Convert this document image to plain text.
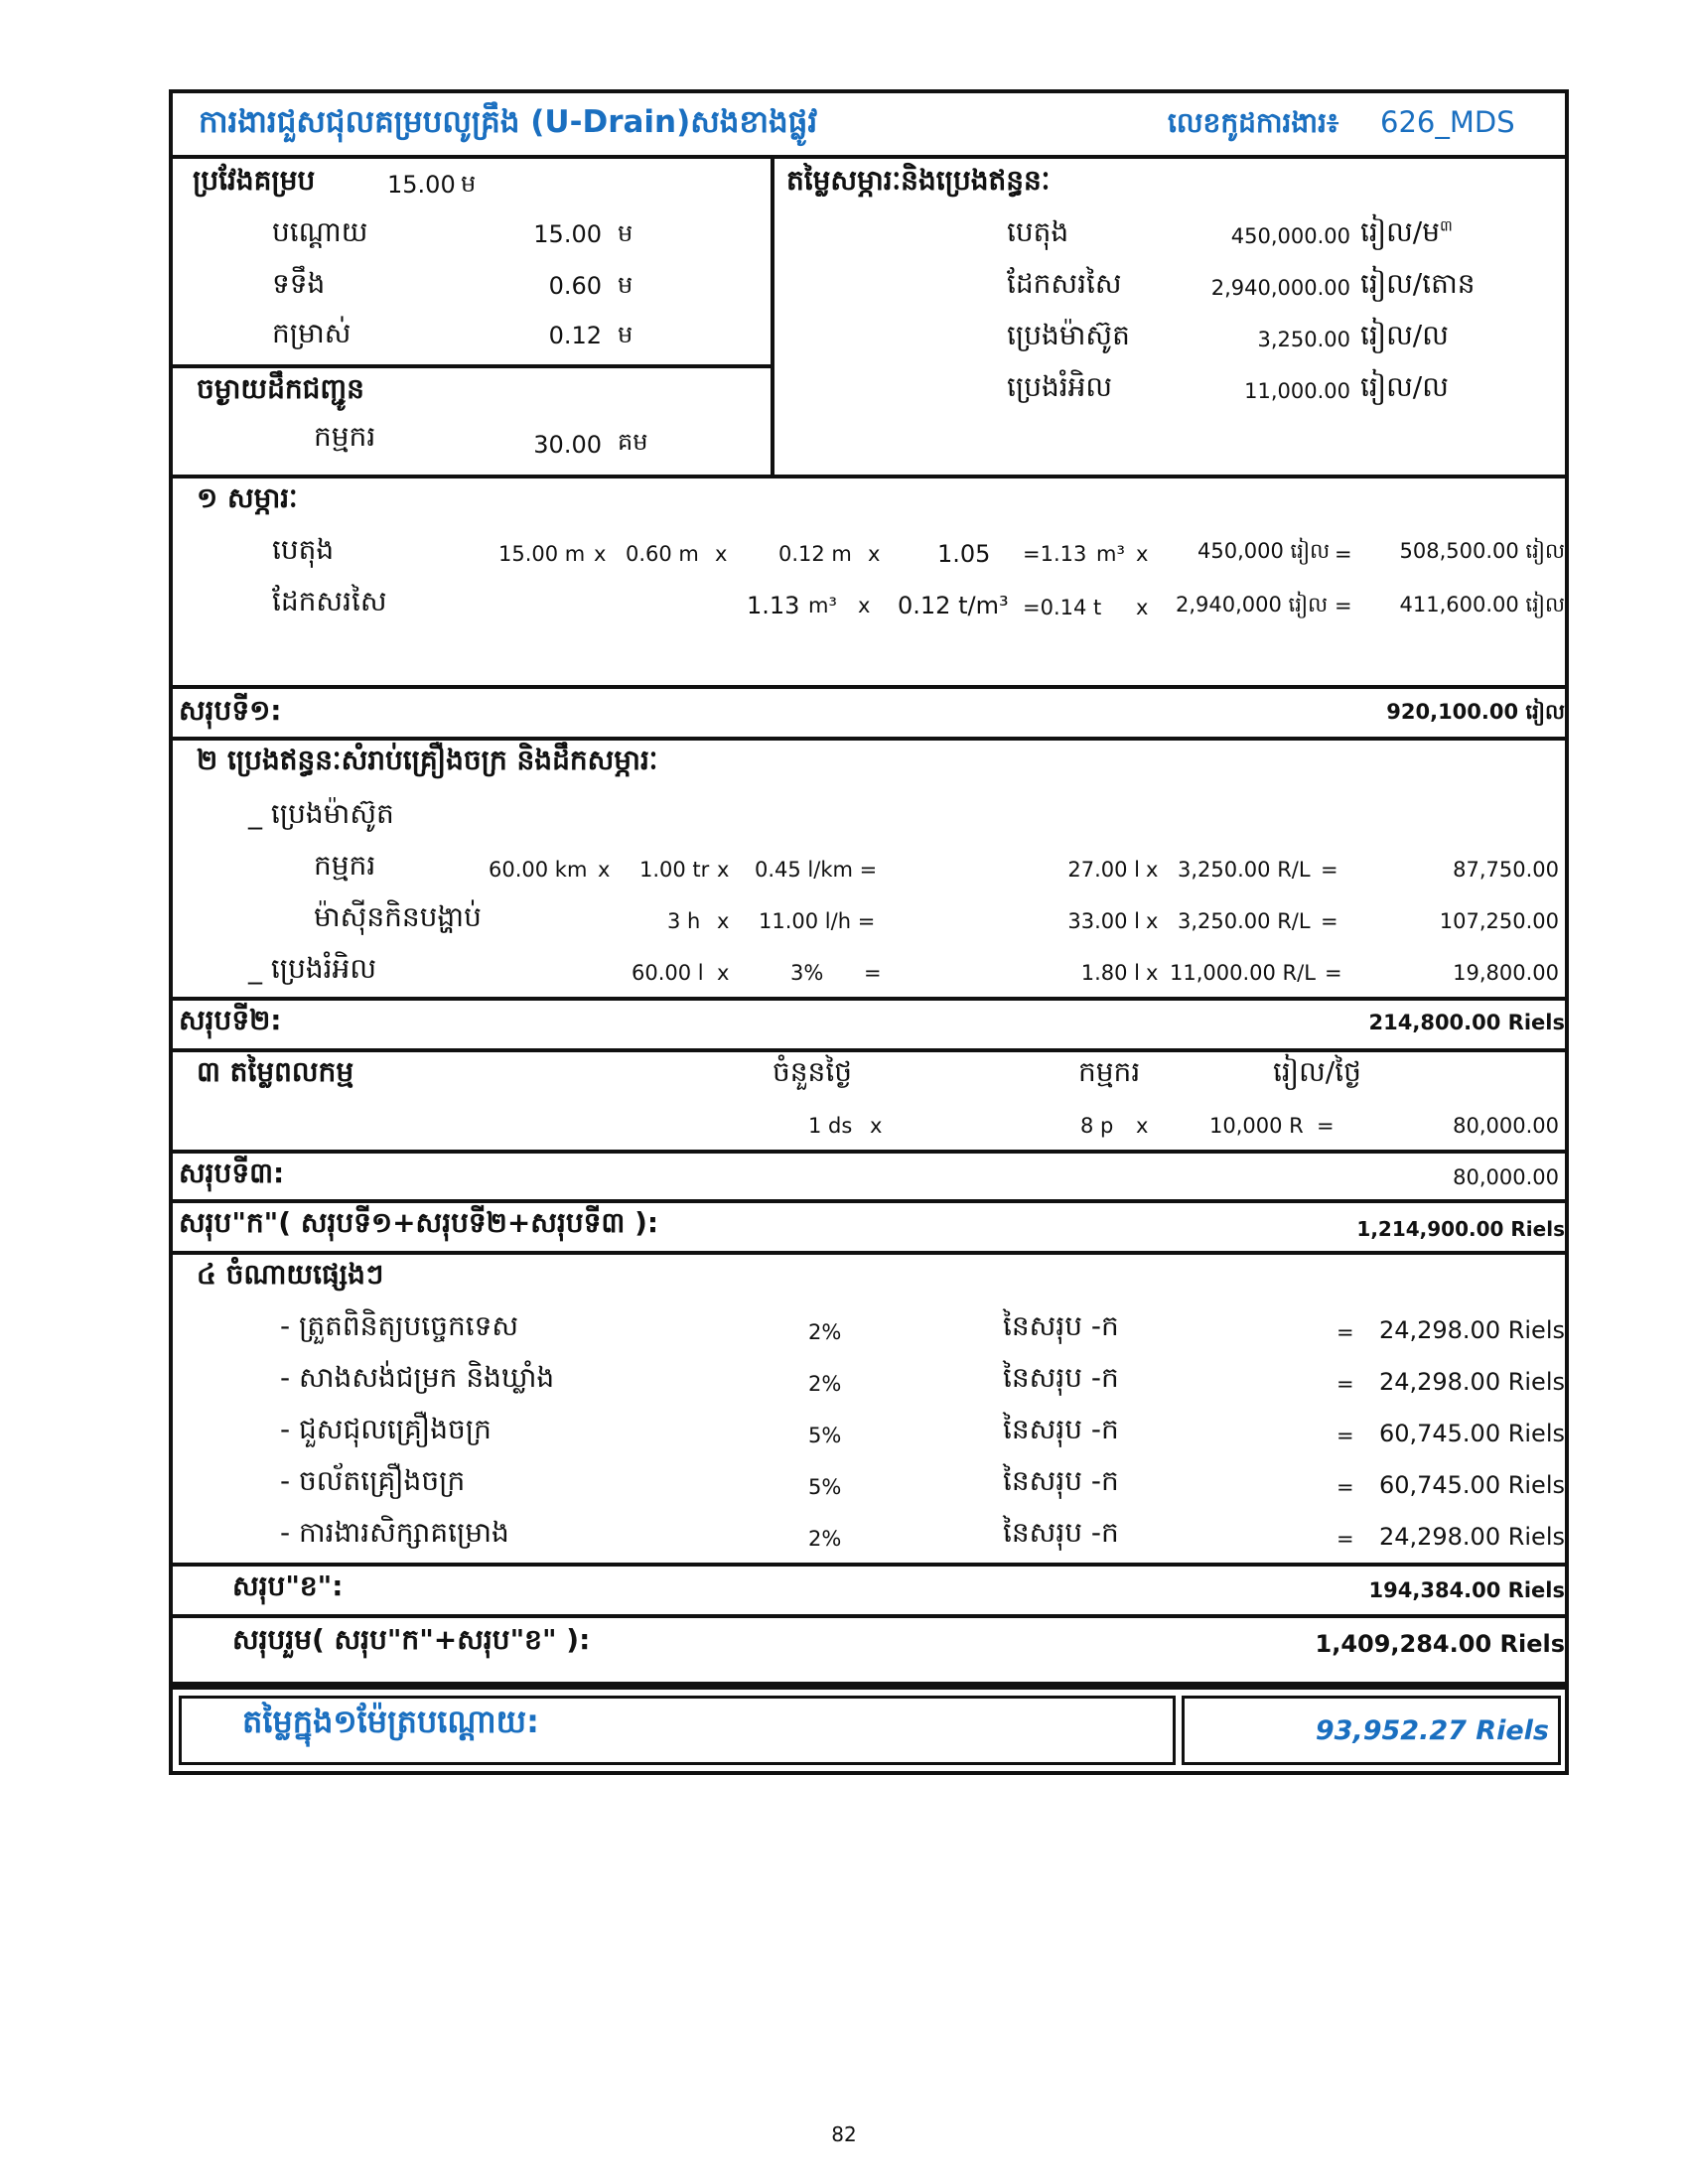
ការងារជួសជុលគម្របលូគ្រឹង (U-Drain)សងខាងផ្លូវ	លេខកូដការងារ៖ 626_MDS
ប្រវែងគម្រប	15.00 ម
បណ្ដោយ	15.00 ម
ទទឹង	0.60 ម
កម្រាស់	0.12 ម
ចម្ងាយដឹកជញ្ជូន
កម្មករ	30.00 គម
តម្លៃសម្ភារៈនិងប្រេងឥន្ធនៈ
បេតុង	450,000.00 រៀល/ម$^៣$
ដែកសរសៃ	2,940,000.00 រៀល/តោន
ប្រេងម៉ាស៊ូត	3,250.00 រៀល/ល
ប្រេងរំអិល	11,000.00 រៀល/ល
១ សម្ភារៈ
បេតុង	15.00 m x 0.60 m x 0.12 m x 1.05 =1.13 m³ x 450,000 រៀល =	508,500.00 រៀល
ដែកសរសៃ	1.13 m³ x 0.12 t/m³ =0.14 t x 2,940,000 រៀល =	411,600.00 រៀល
សរុបទី១:	920,100.00 រៀល
២ ប្រេងឥន្ធនៈសំរាប់គ្រឿងចក្រ និងដឹកសម្ភារៈ
_ ប្រេងម៉ាស៊ូត
កម្មករ	60.00 km x 1.00 tr x 0.45 l/km =	27.00 l x 3,250.00 R/L =	87,750.00
ម៉ាស៊ីនកិនបង្ហាប់	3 h x 11.00 l/h =	33.00 l x 3,250.00 R/L =	107,250.00
_ ប្រេងរំអិល	60.00 l x	3% =	1.80 l x 11,000.00 R/L =	19,800.00
សរុបទី២:	214,800.00 Riels
៣ តម្លៃពលកម្ម	ចំនួនថ្ងៃ	កម្មករ	រៀល/ថ្ងៃ
1 ds x	8 p x	10,000 R =	80,000.00
សរុបទី៣:	80,000.00
សរុប"ក"( សរុបទី១+សរុបទី២+សរុបទី៣ ):	1,214,900.00 Riels
៤ ចំណាយផ្សេងៗ
- ត្រួតពិនិត្យបច្ចេកទេស	2%	នៃសរុប -ក	=	24,298.00 Riels
- សាងសង់ជម្រក និងឃ្លាំង	2%	នៃសរុប -ក	=	24,298.00 Riels
- ជួសជុលគ្រឿងចក្រ	5%	នៃសរុប -ក	=	60,745.00 Riels
- ចល័តគ្រឿងចក្រ	5%	នៃសរុប -ក	=	60,745.00 Riels
- ការងារសិក្សាគម្រោង	2%	នៃសរុប -ក	=	24,298.00 Riels
សរុប"ខ":	194,384.00 Riels
សរុបរួម( សរុប"ក"+សរុប"ខ" ):	1,409,284.00 Riels
តម្លៃក្នុង១ម៉ែត្របណ្ដោយ:	93,952.27 Riels
82
